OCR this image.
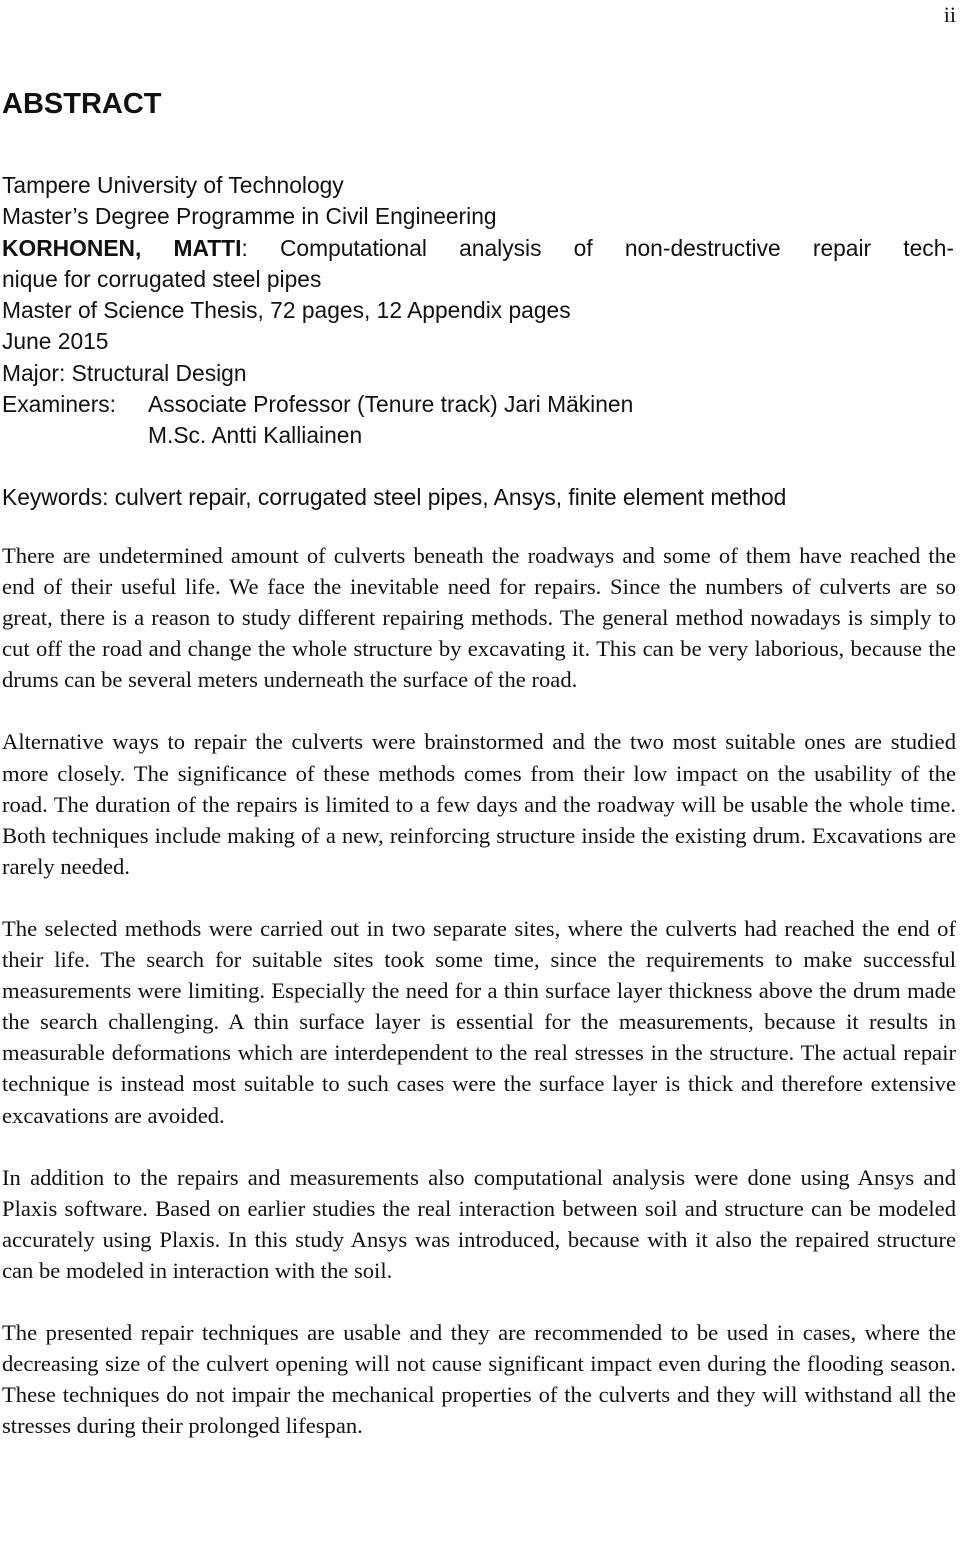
ii
ABSTRACT
Tampere University of Technology
Master’s Degree Programme in Civil Engineering
KORHONEN, MATTI: Computational analysis of non-destructive repair tech-
nique for corrugated steel pipes
Master of Science Thesis, 72 pages, 12 Appendix pages
June 2015
Major: Structural Design
Examiners:	Associate Professor (Tenure track) Jari Mäkinen
M.Sc. Antti Kalliainen
Keywords: culvert repair, corrugated steel pipes, Ansys, finite element method

There are undetermined amount of culverts beneath the roadways and some of them have reached the end of their useful life. We face the inevitable need for repairs. Since the numbers of culverts are so great, there is a reason to study different repairing methods. The general method nowadays is simply to cut off the road and change the whole structure by excavating it. This can be very laborious, because the drums can be several meters underneath the surface of the road.

Alternative ways to repair the culverts were brainstormed and the two most suitable ones are studied more closely. The significance of these methods comes from their low impact on the usability of the road. The duration of the repairs is limited to a few days and the roadway will be usable the whole time. Both techniques include making of a new, reinforcing structure inside the existing drum. Excavations are rarely needed.

The selected methods were carried out in two separate sites, where the culverts had reached the end of their life. The search for suitable sites took some time, since the requirements to make successful measurements were limiting. Especially the need for a thin surface layer thickness above the drum made the search challenging. A thin surface layer is essential for the measurements, because it results in measurable deformations which are interdependent to the real stresses in the structure. The actual repair technique is instead most suitable to such cases were the surface layer is thick and therefore extensive excavations are avoided.

In addition to the repairs and measurements also computational analysis were done using Ansys and Plaxis software. Based on earlier studies the real interaction between soil and structure can be modeled accurately using Plaxis. In this study Ansys was introduced, because with it also the repaired structure can be modeled in interaction with the soil.

The presented repair techniques are usable and they are recommended to be used in cases, where the decreasing size of the culvert opening will not cause significant impact even during the flooding season. These techniques do not impair the mechanical properties of the culverts and they will withstand all the stresses during their prolonged lifespan.
